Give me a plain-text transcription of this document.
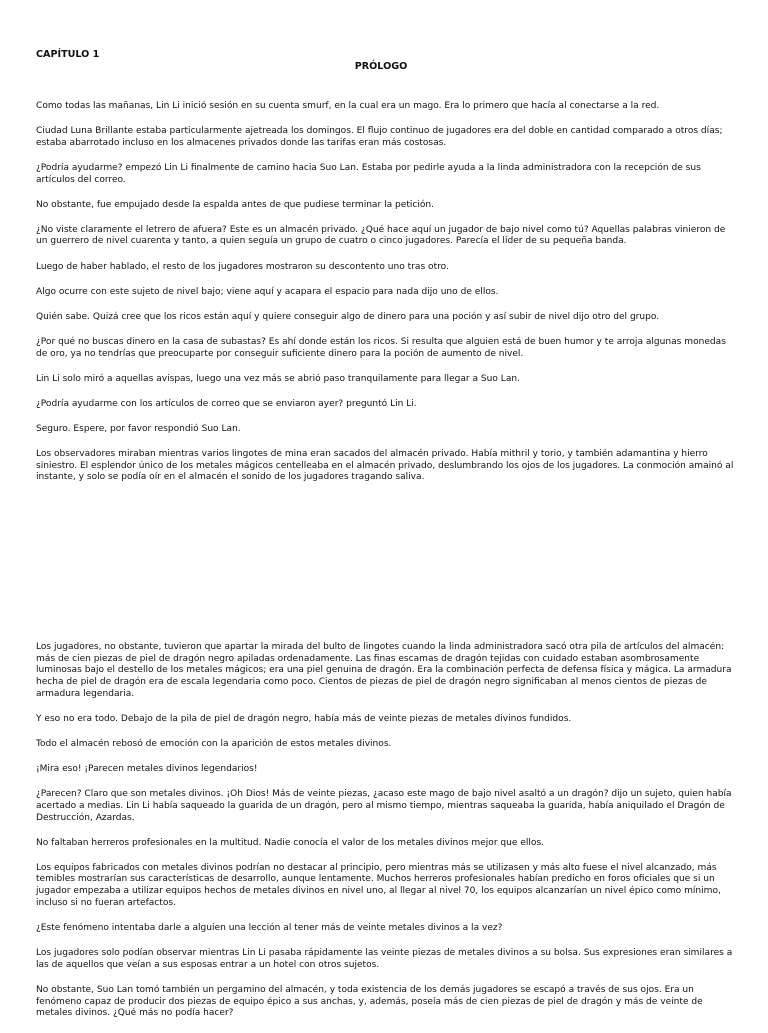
CAPÍTULO 1
PRÓLOGO

Como todas las mañanas, Lin Li inició sesión en su cuenta smurf, en la cual era un mago. Era lo primero que hacía al conectarse a la red.

Ciudad Luna Brillante estaba particularmente ajetreada los domingos. El flujo continuo de jugadores era del doble en cantidad comparado a otros días; estaba abarrotado incluso en los almacenes privados donde las tarifas eran más costosas.

¿Podría ayudarme? empezó Lin Li finalmente de camino hacia Suo Lan. Estaba por pedirle ayuda a la linda administradora con la recepción de sus artículos del correo.

No obstante, fue empujado desde la espalda antes de que pudiese terminar la petición.

¿No viste claramente el letrero de afuera? Este es un almacén privado. ¿Qué hace aquí un jugador de bajo nivel como tú? Aquellas palabras vinieron de un guerrero de nivel cuarenta y tanto, a quien seguía un grupo de cuatro o cinco jugadores. Parecía el líder de su pequeña banda.

Luego de haber hablado, el resto de los jugadores mostraron su descontento uno tras otro.

Algo ocurre con este sujeto de nivel bajo; viene aquí y acapara el espacio para nada dijo uno de ellos.

Quién sabe. Quizá cree que los ricos están aquí y quiere conseguir algo de dinero para una poción y así subir de nivel dijo otro del grupo.

¿Por qué no buscas dinero en la casa de subastas? Es ahí donde están los ricos. Si resulta que alguien está de buen humor y te arroja algunas monedas de oro, ya no tendrías que preocuparte por conseguir suficiente dinero para la poción de aumento de nivel.

Lin Li solo miró a aquellas avispas, luego una vez más se abrió paso tranquilamente para llegar a Suo Lan.

¿Podría ayudarme con los artículos de correo que se enviaron ayer? preguntó Lin Li.

Seguro. Espere, por favor respondió Suo Lan.

Los observadores miraban mientras varios lingotes de mina eran sacados del almacén privado. Había mithril y torio, y también adamantina y hierro siniestro. El esplendor único de los metales mágicos centelleaba en el almacén privado, deslumbrando los ojos de los jugadores. La conmoción amainó al instante, y solo se podía oír en el almacén el sonido de los jugadores tragando saliva.

Los jugadores, no obstante, tuvieron que apartar la mirada del bulto de lingotes cuando la linda administradora sacó otra pila de artículos del almacén: más de cien piezas de piel de dragón negro apiladas ordenadamente. Las finas escamas de dragón tejidas con cuidado estaban asombrosamente luminosas bajo el destello de los metales mágicos; era una piel genuina de dragón. Era la combinación perfecta de defensa física y mágica. La armadura hecha de piel de dragón era de escala legendaria como poco. Cientos de piezas de piel de dragón negro significaban al menos cientos de piezas de armadura legendaria.

Y eso no era todo. Debajo de la pila de piel de dragón negro, había más de veinte piezas de metales divinos fundidos.

Todo el almacén rebosó de emoción con la aparición de estos metales divinos.

¡Mira eso! ¡Parecen metales divinos legendarios!

¿Parecen? Claro que son metales divinos. ¡Oh Dios! Más de veinte piezas, ¿acaso este mago de bajo nivel asaltó a un dragón? dijo un sujeto, quien había acertado a medias. Lin Li había saqueado la guarida de un dragón, pero al mismo tiempo, mientras saqueaba la guarida, había aniquilado el Dragón de Destrucción, Azardas.

No faltaban herreros profesionales en la multitud. Nadie conocía el valor de los metales divinos mejor que ellos.

Los equipos fabricados con metales divinos podrían no destacar al principio, pero mientras más se utilizasen y más alto fuese el nivel alcanzado, más temibles mostrarían sus características de desarrollo, aunque lentamente. Muchos herreros profesionales habían predicho en foros oficiales que si un jugador empezaba a utilizar equipos hechos de metales divinos en nivel uno, al llegar al nivel 70, los equipos alcanzarían un nivel épico como mínimo, incluso si no fueran artefactos.

¿Este fenómeno intentaba darle a alguien una lección al tener más de veinte metales divinos a la vez?

Los jugadores solo podían observar mientras Lin Li pasaba rápidamente las veinte piezas de metales divinos a su bolsa. Sus expresiones eran similares a las de aquellos que veían a sus esposas entrar a un hotel con otros sujetos.

No obstante, Suo Lan tomó también un pergamino del almacén, y toda existencia de los demás jugadores se escapó a través de sus ojos. Era un fenómeno capaz de producir dos piezas de equipo épico a sus anchas, y, además, poseía más de cien piezas de piel de dragón y más de veinte de metales divinos. ¿Qué más no podía hacer?
